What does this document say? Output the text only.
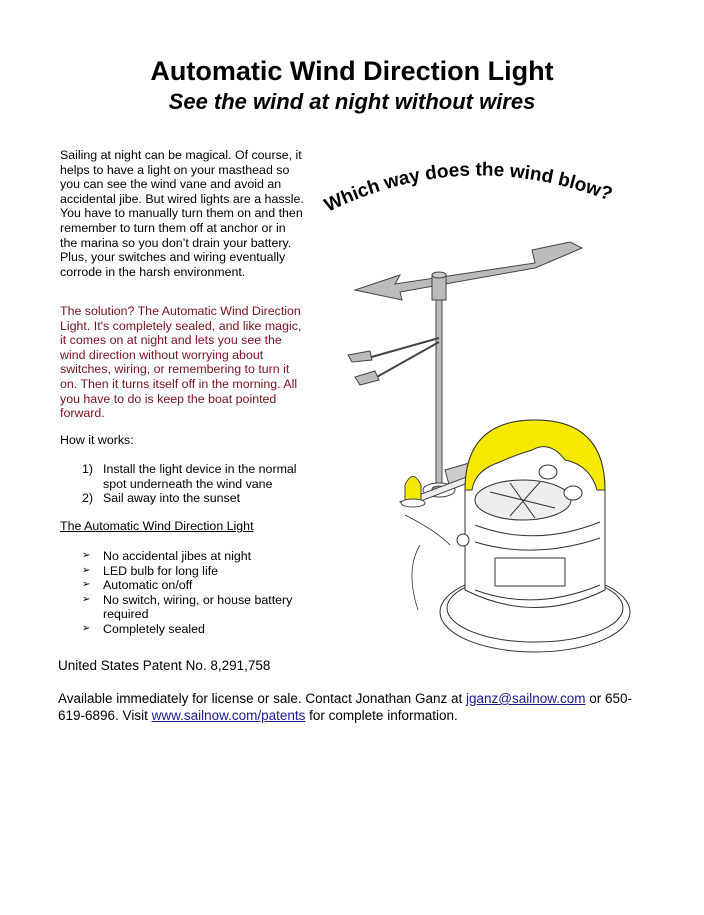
Automatic Wind Direction Light
See the wind at night without wires
Sailing at night can be magical. Of course, it helps to have a light on your masthead so you can see the wind vane and avoid an accidental jibe. But wired lights are a hassle. You have to manually turn them on and then remember to turn them off at anchor or in the marina so you don’t drain your battery. Plus, your switches and wiring eventually corrode in the harsh environment.
The solution? The Automatic Wind Direction Light. It's completely sealed, and like magic, it comes on at night and lets you see the wind direction without worrying about switches, wiring, or remembering to turn it on. Then it turns itself off in the morning. All you have to do is keep the boat pointed forward.
How it works:
1) Install the light device in the normal spot underneath the wind vane
2) Sail away into the sunset
The Automatic Wind Direction Light
➢	No accidental jibes at night
➢	LED bulb for long life
➢	Automatic on/off
➢	No switch, wiring, or house battery required
➢	Completely sealed
United States Patent No. 8,291,758
Available immediately for license or sale. Contact Jonathan Ganz at jganz@sailnow.com or 650-619-6896. Visit www.sailnow.com/patents for complete information.
Which way does the wind blow?
